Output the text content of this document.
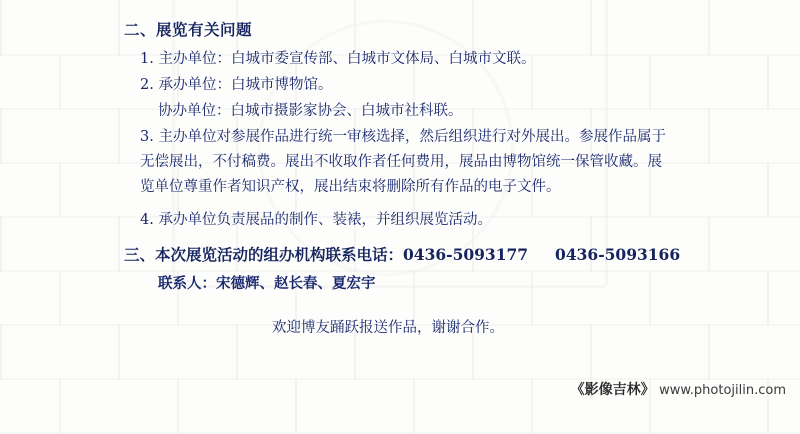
二、展览有关问题
1. 主办单位：白城市委宣传部、白城市文体局、白城市文联。
2. 承办单位：白城市博物馆。
协办单位：白城市摄影家协会、白城市社科联。
3. 主办单位对参展作品进行统一审核选择，然后组织进行对外展出。参展作品属于无偿展出，不付稿费。展出不收取作者任何费用，展品由博物馆统一保管收藏。展览单位尊重作者知识产权，展出结束将删除所有作品的电子文件。
4. 承办单位负责展品的制作、装裱，并组织展览活动。
三、本次展览活动的组办机构联系电话：0436-5093177     0436-5093166
联系人：宋德辉、赵长春、夏宏宇
欢迎博友踊跃报送作品，谢谢合作。
《影像吉林》 www.photojilin.com
